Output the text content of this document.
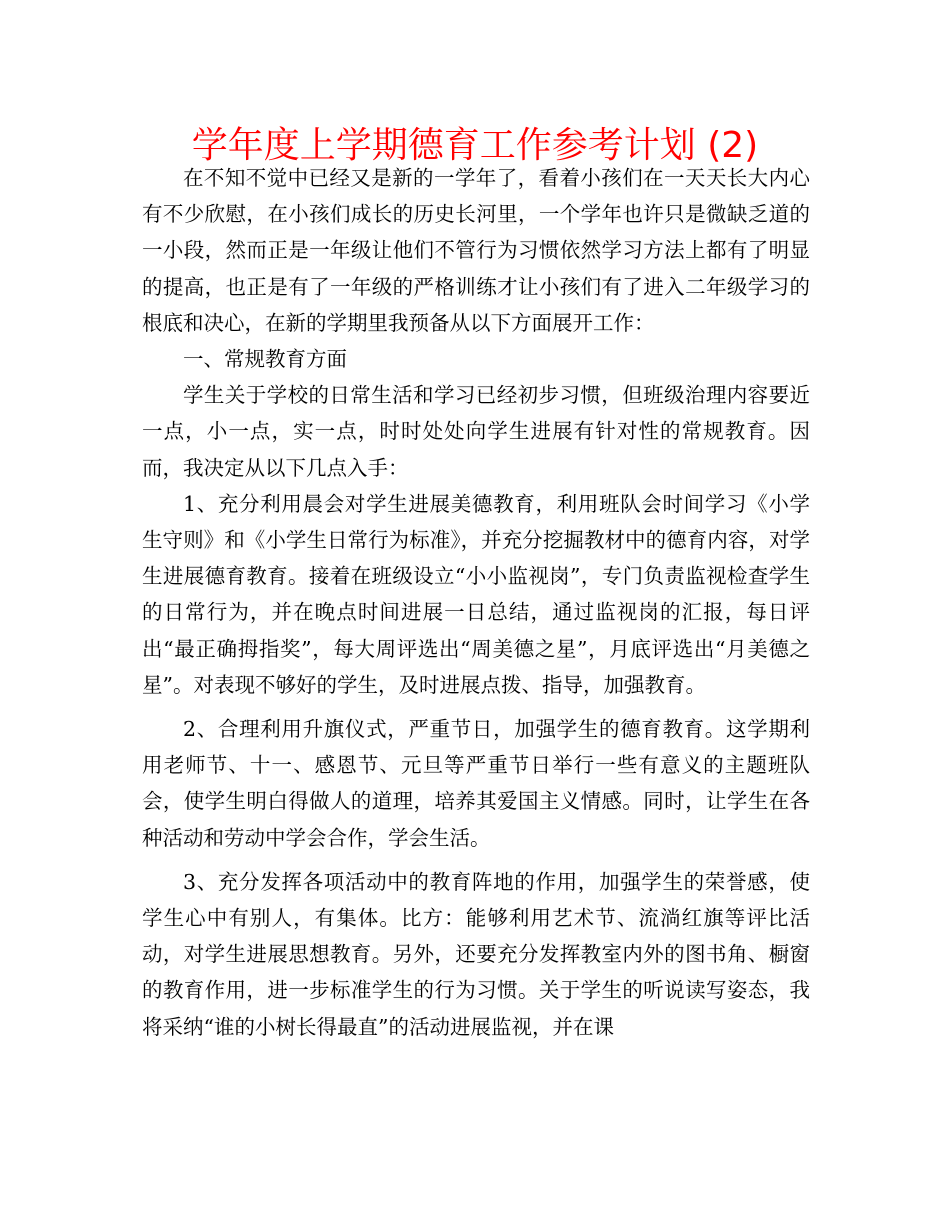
学年度上学期德育工作参考计划 (2)

在不知不觉中已经又是新的一学年了，看着小孩们在一天天长大内心有不少欣慰，在小孩们成长的历史长河里，一个学年也许只是微缺乏道的一小段，然而正是一年级让他们不管行为习惯依然学习方法上都有了明显的提高，也正是有了一年级的严格训练才让小孩们有了进入二年级学习的根底和决心，在新的学期里我预备从以下方面展开工作：

一、常规教育方面

学生关于学校的日常生活和学习已经初步习惯，但班级治理内容要近一点，小一点，实一点，时时处处向学生进展有针对性的常规教育。因而，我决定从以下几点入手：

1、充分利用晨会对学生进展美德教育，利用班队会时间学习《小学生守则》和《小学生日常行为标准》，并充分挖掘教材中的德育内容，对学生进展德育教育。接着在班级设立“小小监视岗”，专门负责监视检查学生的日常行为，并在晚点时间进展一日总结，通过监视岗的汇报，每日评出“最正确拇指奖”，每大周评选出“周美德之星”，月底评选出“月美德之星”。对表现不够好的学生，及时进展点拨、指导，加强教育。

2、合理利用升旗仪式，严重节日，加强学生的德育教育。这学期利用老师节、十一、感恩节、元旦等严重节日举行一些有意义的主题班队会，使学生明白得做人的道理，培养其爱国主义情感。同时，让学生在各种活动和劳动中学会合作，学会生活。

3、充分发挥各项活动中的教育阵地的作用，加强学生的荣誉感，使学生心中有别人，有集体。比方：能够利用艺术节、流淌红旗等评比活动，对学生进展思想教育。另外，还要充分发挥教室内外的图书角、橱窗的教育作用，进一步标准学生的行为习惯。关于学生的听说读写姿态，我将采纳“谁的小树长得最直”的活动进展监视，并在课
